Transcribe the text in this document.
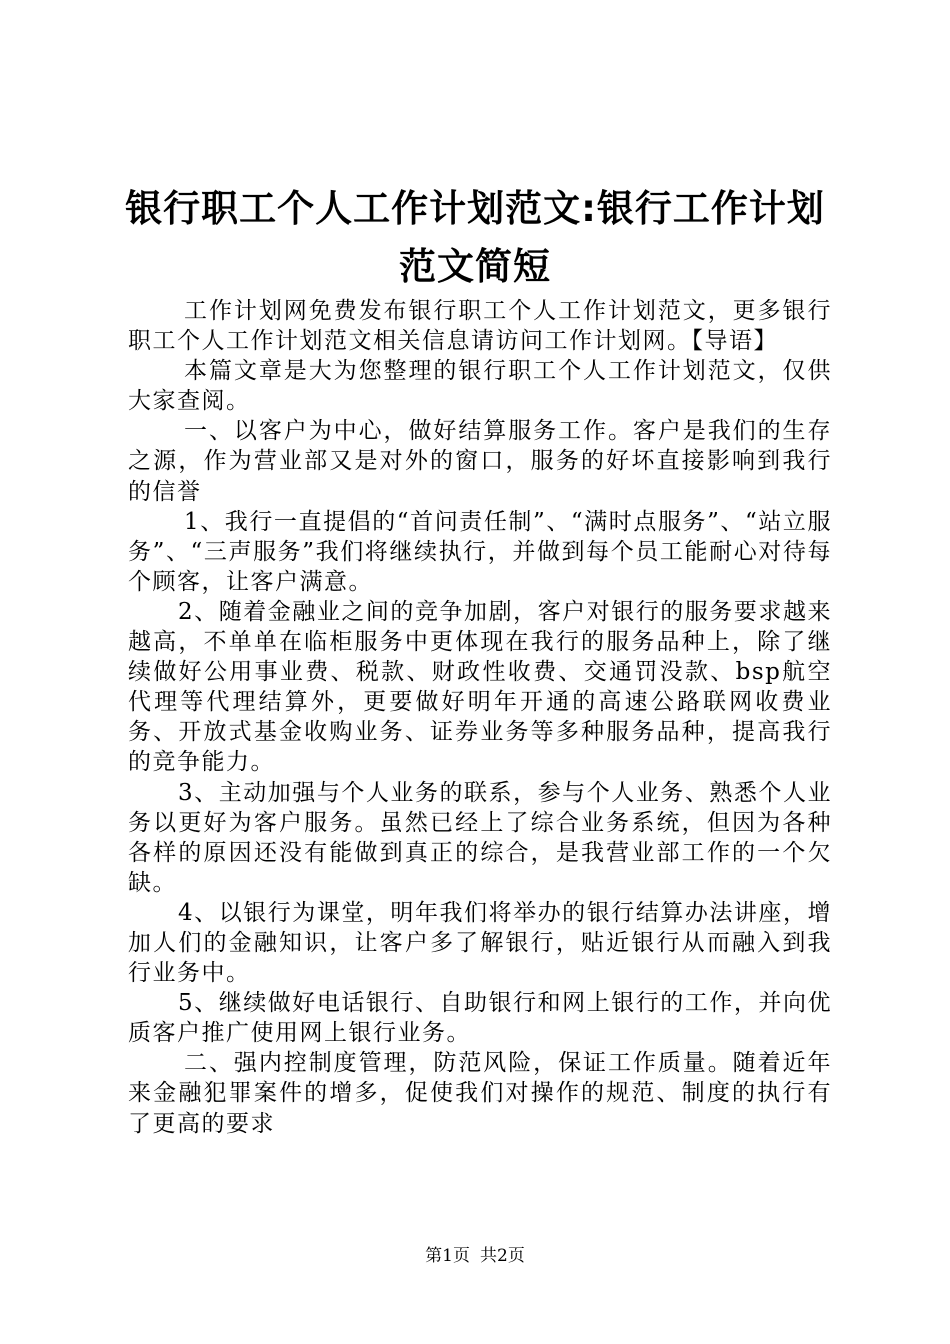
银行职工个人工作计划范文:银行工作计划范文简短

工作计划网免费发布银行职工个人工作计划范文，更多银行职工个人工作计划范文相关信息请访问工作计划网。【导语】

本篇文章是大为您整理的银行职工个人工作计划范文，仅供大家查阅。

一、以客户为中心，做好结算服务工作。客户是我们的生存之源，作为营业部又是对外的窗口，服务的好坏直接影响到我行的信誉

1、我行一直提倡的“首问责任制”、“满时点服务”、“站立服务”、“三声服务”我们将继续执行，并做到每个员工能耐心对待每个顾客，让客户满意。

2、随着金融业之间的竞争加剧，客户对银行的服务要求越来越高，不单单在临柜服务中更体现在我行的服务品种上，除了继续做好公用事业费、税款、财政性收费、交通罚没款、bsp航空代理等代理结算外，更要做好明年开通的高速公路联网收费业务、开放式基金收购业务、证券业务等多种服务品种，提高我行的竞争能力。

3、主动加强与个人业务的联系，参与个人业务、熟悉个人业务以更好为客户服务。虽然已经上了综合业务系统，但因为各种各样的原因还没有能做到真正的综合，是我营业部工作的一个欠缺。

4、以银行为课堂，明年我们将举办的银行结算办法讲座，增加人们的金融知识，让客户多了解银行，贴近银行从而融入到我行业务中。

5、继续做好电话银行、自助银行和网上银行的工作，并向优质客户推广使用网上银行业务。

二、强内控制度管理，防范风险，保证工作质量。随着近年来金融犯罪案件的增多，促使我们对操作的规范、制度的执行有了更高的要求

第1页 共2页
